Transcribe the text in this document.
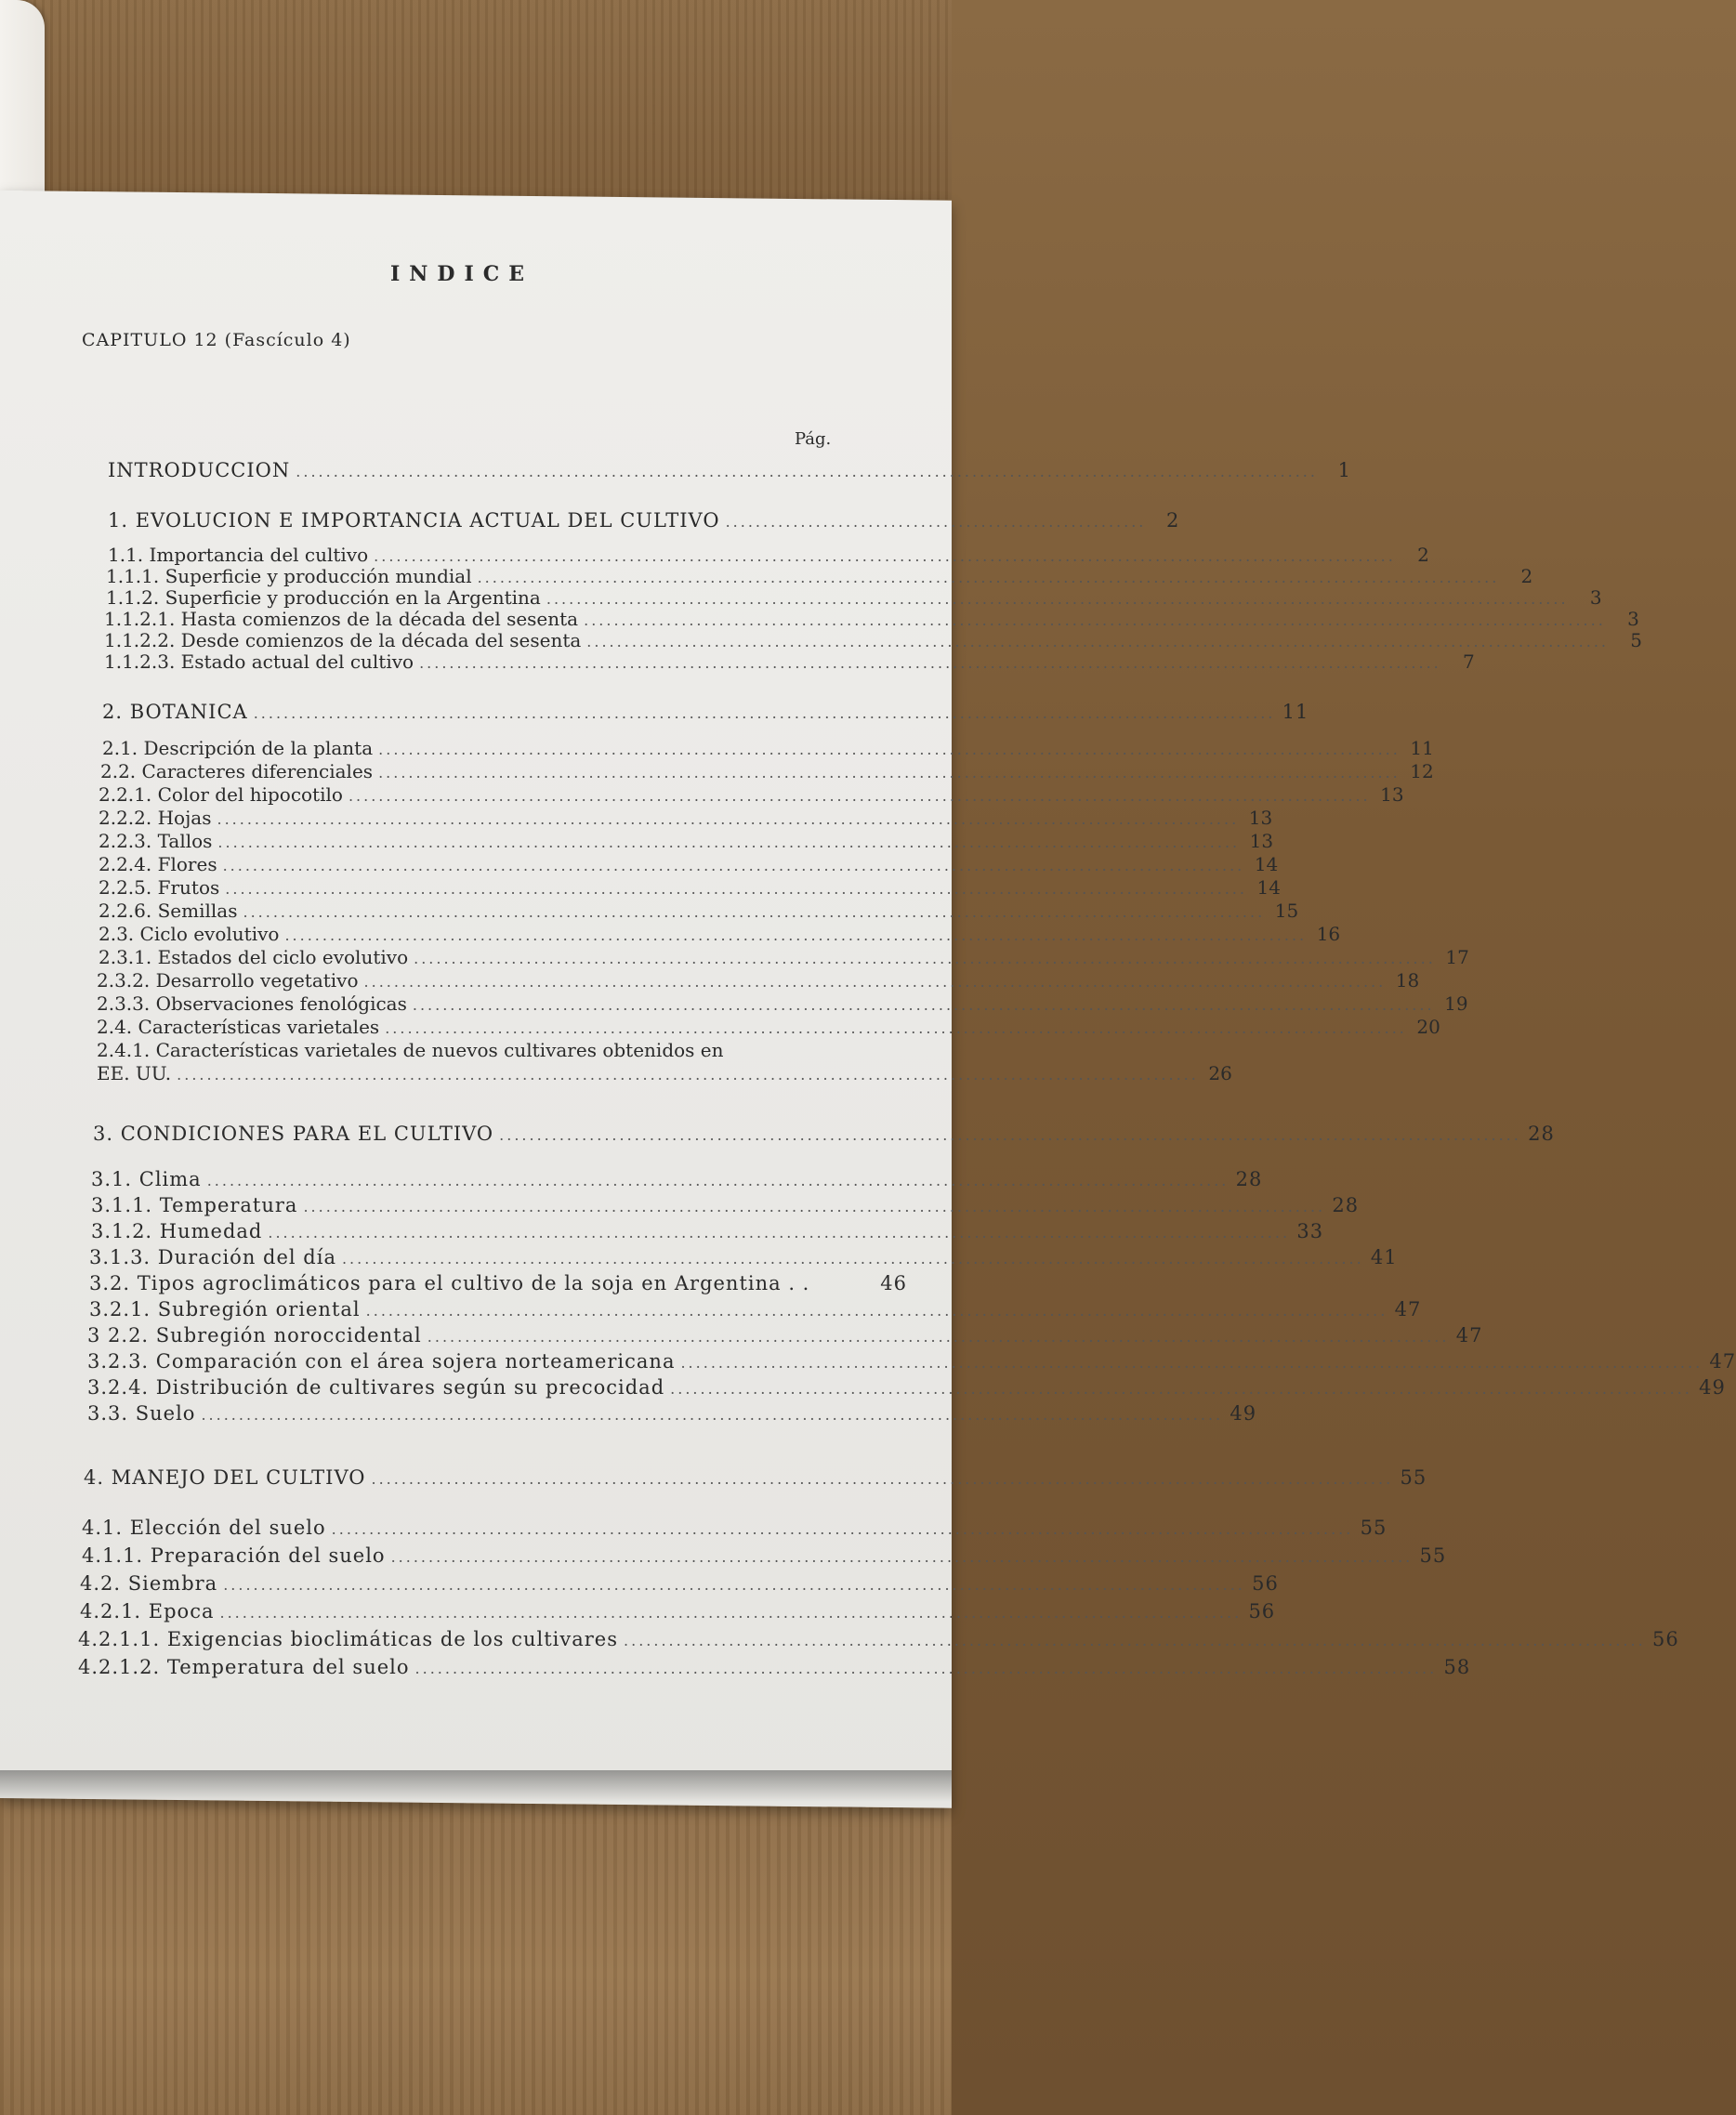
INDICE
CAPITULO 12 (Fascículo 4)
Pág.
INTRODUCCION ........................................................................................................................................	1
1. EVOLUCION E IMPORTANCIA ACTUAL DEL CULTIVO ........................................................	2
1.1. Importancia del cultivo ........................................................................................................................................	2
1.1.1. Superficie y producción mundial ........................................................................................................................................	2
1.1.2. Superficie y producción en la Argentina ........................................................................................................................................	3
1.1.2.1. Hasta comienzos de la década del sesenta ........................................................................................................................................	3
1.1.2.2. Desde comienzos de la década del sesenta ........................................................................................................................................	5
1.1.2.3. Estado actual del cultivo ........................................................................................................................................	7
2. BOTANICA ........................................................................................................................................ 11
2.1. Descripción de la planta ........................................................................................................................................ 11
2.2. Caracteres diferenciales ........................................................................................................................................ 12
2.2.1. Color del hipocotilo ........................................................................................................................................ 13
2.2.2. Hojas ........................................................................................................................................ 13
2.2.3. Tallos ........................................................................................................................................ 13
2.2.4. Flores ........................................................................................................................................ 14
2.2.5. Frutos ........................................................................................................................................ 14
2.2.6. Semillas ........................................................................................................................................ 15
2.3. Ciclo evolutivo ........................................................................................................................................ 16
2.3.1. Estados del ciclo evolutivo ........................................................................................................................................ 17
2.3.2. Desarrollo vegetativo ........................................................................................................................................ 18
2.3.3. Observaciones fenológicas ........................................................................................................................................ 19
2.4. Características varietales ........................................................................................................................................ 20
2.4.1. Características varietales de nuevos cultivares obtenidos en
EE. UU. ........................................................................................................................................ 26
3. CONDICIONES PARA EL CULTIVO ........................................................................................................................................ 28
3.1. Clima ........................................................................................................................................ 28
3.1.1. Temperatura ........................................................................................................................................ 28
3.1.2. Humedad ........................................................................................................................................ 33
3.1.3. Duración del día ........................................................................................................................................ 41
3.2. Tipos agroclimáticos para el cultivo de la soja en Argentina . .	46
3.2.1. Subregión oriental ........................................................................................................................................ 47
3 2.2. Subregión noroccidental ........................................................................................................................................ 47
3.2.3. Comparación con el área sojera norteamericana ........................................................................................................................................ 47
3.2.4. Distribución de cultivares según su precocidad ........................................................................................................................................ 49
3.3. Suelo ........................................................................................................................................ 49
4. MANEJO DEL CULTIVO ........................................................................................................................................ 55
4.1. Elección del suelo ........................................................................................................................................ 55
4.1.1. Preparación del suelo ........................................................................................................................................ 55
4.2. Siembra ........................................................................................................................................ 56
4.2.1. Epoca ........................................................................................................................................ 56
4.2.1.1. Exigencias bioclimáticas de los cultivares ........................................................................................................................................ 56
4.2.1.2. Temperatura del suelo ........................................................................................................................................ 58
